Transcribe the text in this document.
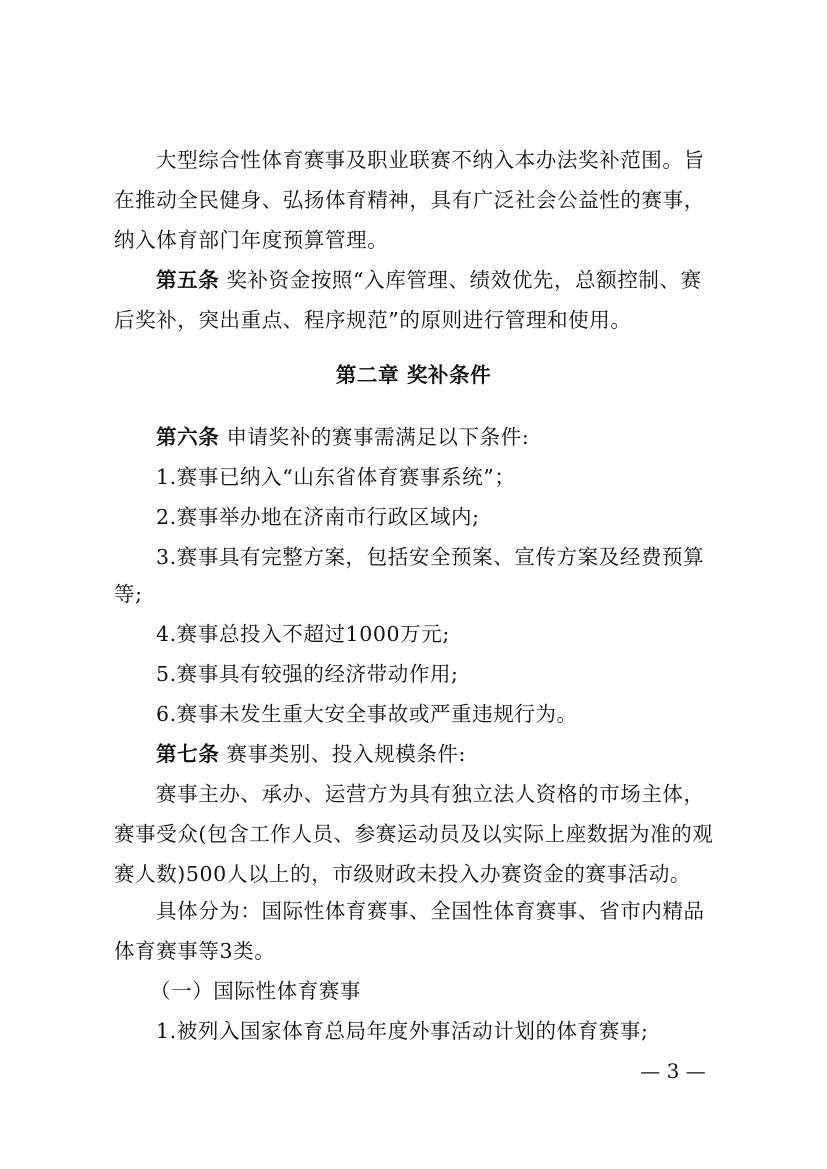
大型综合性体育赛事及职业联赛不纳入本办法奖补范围。旨
在推动全民健身、弘扬体育精神，具有广泛社会公益性的赛事，
纳入体育部门年度预算管理。
第五条 奖补资金按照“入库管理、绩效优先，总额控制、赛
后奖补，突出重点、程序规范”的原则进行管理和使用。
第二章 奖补条件
第六条 申请奖补的赛事需满足以下条件:
1.赛事已纳入“山东省体育赛事系统”；
2.赛事举办地在济南市行政区域内;
3.赛事具有完整方案，包括安全预案、宣传方案及经费预算
等;
4.赛事总投入不超过1000万元;
5.赛事具有较强的经济带动作用;
6.赛事未发生重大安全事故或严重违规行为。
第七条 赛事类别、投入规模条件:
赛事主办、承办、运营方为具有独立法人资格的市场主体，
赛事受众(包含工作人员、参赛运动员及以实际上座数据为准的观
赛人数)500人以上的，市级财政未投入办赛资金的赛事活动。
具体分为：国际性体育赛事、全国性体育赛事、省市内精品
体育赛事等3类。
（一）国际性体育赛事
1.被列入国家体育总局年度外事活动计划的体育赛事;
— 3 —
